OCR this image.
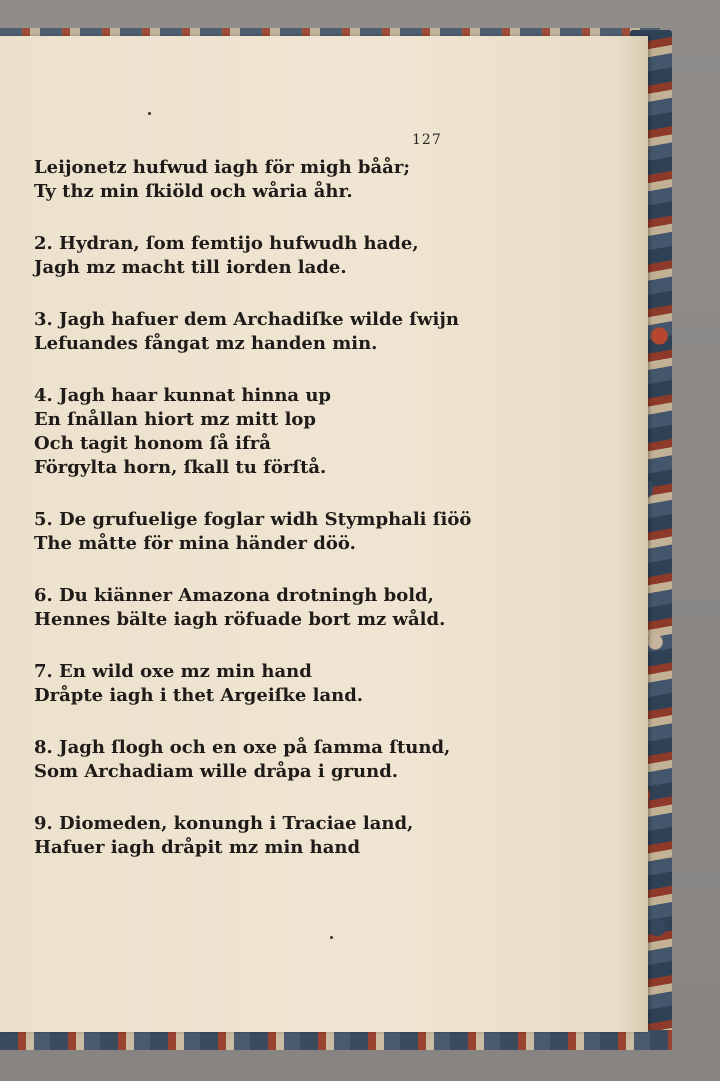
127
Leijonetz hufwud iagh för migh båår;
Ty thz min ſkiöld och wåria åhr.
2. Hydran, ſom femtijo hufwudh hade,
Jagh mz macht till iorden lade.
3. Jagh hafuer dem Archadiſke wilde ſwijn
Lefuandes fångat mz handen min.
4. Jagh haar kunnat hinna up
En ſnållan hiort mz mitt lop
Och tagit honom ſå ifrå
Förgylta horn, ſkall tu förſtå.
5. De grufuelige foglar widh Stymphali ſiöö
The måtte för mina händer döö.
6. Du kiänner Amazona drotningh bold,
Hennes bälte iagh röfuade bort mz wåld.
7. En wild oxe mz min hand
Dråpte iagh i thet Argeiſke land.
8. Jagh ſlogh och en oxe på ſamma ſtund,
Som Archadiam wille dråpa i grund.
9. Diomeden, konungh i Traciae land,
Hafuer iagh dråpit mz min hand
